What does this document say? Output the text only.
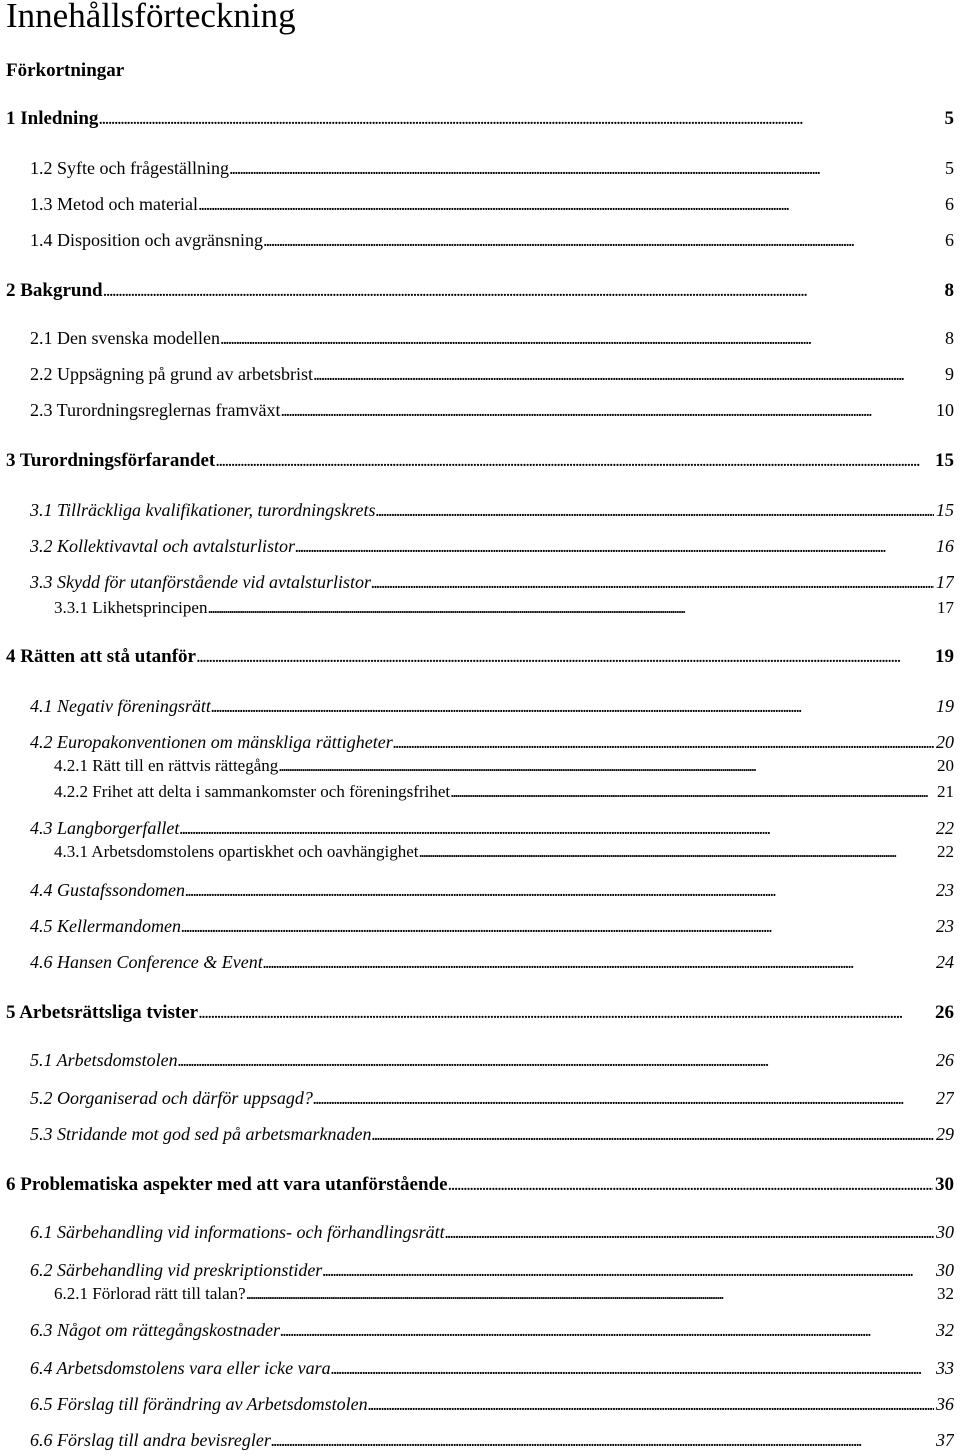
Innehållsförteckning
Förkortningar
1 Inledning . . .	5
1.2 Syfte och frågeställning . . .	5
1.3 Metod och material . . .	6
1.4 Disposition och avgränsning . . .	6
2 Bakgrund . . .	8
2.1 Den svenska modellen . . .	8
2.2 Uppsägning på grund av arbetsbrist . . .	9
2.3 Turordningsreglernas framväxt . . .	10
3 Turordningsförfarandet . . .	15
3.1 Tillräckliga kvalifikationer, turordningskrets . . .	15
3.2 Kollektivavtal och avtalsturlistor . . .	16
3.3 Skydd för utanförstående vid avtalsturlistor . . .	17
3.3.1 Likhetsprincipen . . .	17
4 Rätten att stå utanför . . .	19
4.1 Negativ föreningsrätt . . .	19
4.2 Europakonventionen om mänskliga rättigheter . . .	20
4.2.1 Rätt till en rättvis rättegång . . .	20
4.2.2 Frihet att delta i sammankomster och föreningsfrihet . . .	21
4.3 Langborgerfallet . . .	22
4.3.1 Arbetsdomstolens opartiskhet och oavhängighet . . .	22
4.4 Gustafssondomen . . .	23
4.5 Kellermandomen . . .	23
4.6 Hansen Conference & Event . . .	24
5 Arbetsrättsliga tvister . . .	26
5.1 Arbetsdomstolen . . .	26
5.2 Oorganiserad och därför uppsagd? . . .	27
5.3 Stridande mot god sed på arbetsmarknaden . . .	29
6 Problematiska aspekter med att vara utanförstående . . .	30
6.1 Särbehandling vid informations- och förhandlingsrätt . . .	30
6.2 Särbehandling vid preskriptionstider . . .	30
6.2.1 Förlorad rätt till talan? . . .	32
6.3 Något om rättegångskostnader . . .	32
6.4 Arbetsdomstolens vara eller icke vara . . .	33
6.5 Förslag till förändring av Arbetsdomstolen . . .	36
6.6 Förslag till andra bevisregler . . .	37
